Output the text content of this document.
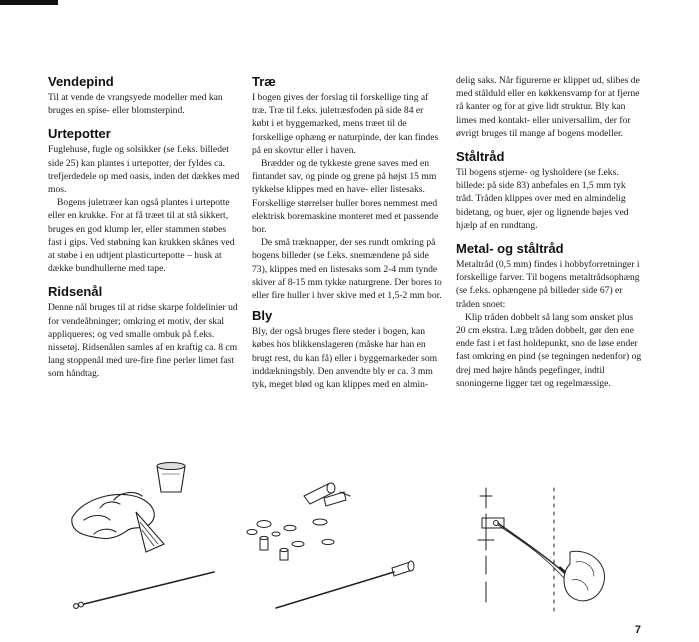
Vendepind

Til at vende de vrangsyede modeller med kan bruges en spise- eller blomsterpind.

Urtepotter

Fuglehuse, fugle og solsikker (se f.eks. billedet side 25) kan plantes i urtepotter, der fyldes ca. trefjerdedele op med oasis, inden det dækkes med mos.

Bogens juletræer kan også plantes i urtepotte eller en krukke. For at få træet til at stå sikkert, bruges en god klump ler, eller stammen støbes fast i gips. Ved støbning kan krukken skånes ved at støbe i en udtjent plasticurtepotte – husk at dække bundhullerne med tape.

Ridsenål

Denne nål bruges til at ridse skarpe foldelinier ud for vendeåbninger; omkring et motiv, der skal appliqueres; og ved smalle ombuk på f.eks. nissetøj. Ridsenålen samles af en kraftig ca. 8 cm lang stoppenål med ure-fire fine perler limet fast som håndtag.

Træ

I bogen gives der forslag til forskellige ting af træ. Træ til f.eks. juletræsfoden på side 84 er købt i et byggemarked, mens træet til de forskellige ophæng er naturpinde, der kan findes på en skovtur eller i haven.

Brædder og de tykkeste grene saves med en fintandet sav, og pinde og grene på højst 15 mm tykkelse klippes med en have- eller listesaks. Forskellige størrelser huller bores nemmest med elektrisk boremaskine monteret med et passende bor.

De små træknapper, der ses rundt omkring på bogens billeder (se f.eks. snemændene på side 73), klippes med en listesaks som 2-4 mm tynde skiver af 8-15 mm tykke naturgrene. Der bores to eller fire huller i hver skive med et 1,5-2 mm bor.

Bly

Bly, der også bruges flere steder i bogen, kan købes hos blikkenslageren (måske har han en brugt rest, du kan få) eller i byggemarkeder som inddækningsbly. Den anvendte bly er ca. 3 mm tyk, meget blød og kan klippes med en almin-

delig saks. Når figurerne er klippet ud, slibes de med stålduld eller en køkkensvamp for at fjerne rå kanter og for at give lidt struktur. Bly kan limes med kontakt- eller universallim, der for øvrigt bruges til mange af bogens modeller.

Ståltråd

Til bogens stjerne- og lysholdere (se f.eks. billede: på side 83) anbefales en 1,5 mm tyk tråd. Tråden klippes over med en almindelig bidetang, og buer, øjer og lignende bøjes ved hjælp af en rundtang.

Metal- og ståltråd

Metaltråd (0,5 mm) findes i hobbyforretninger i forskellige farver. Til bogens metaltrådsophæng (se f.eks. ophængene på billeder side 67) er tråden snoet:

Klip tråden dobbelt så lang som ønsket plus 20 cm ekstra. Læg tråden dobbelt, gør den ene ende fast i et fast holdepunkt, sno de løse ender fast omkring en pind (se tegningen nedenfor) og drej med højre hånds pegefinger, indtil snoningerne ligger tæt og regelmæssige.

7
